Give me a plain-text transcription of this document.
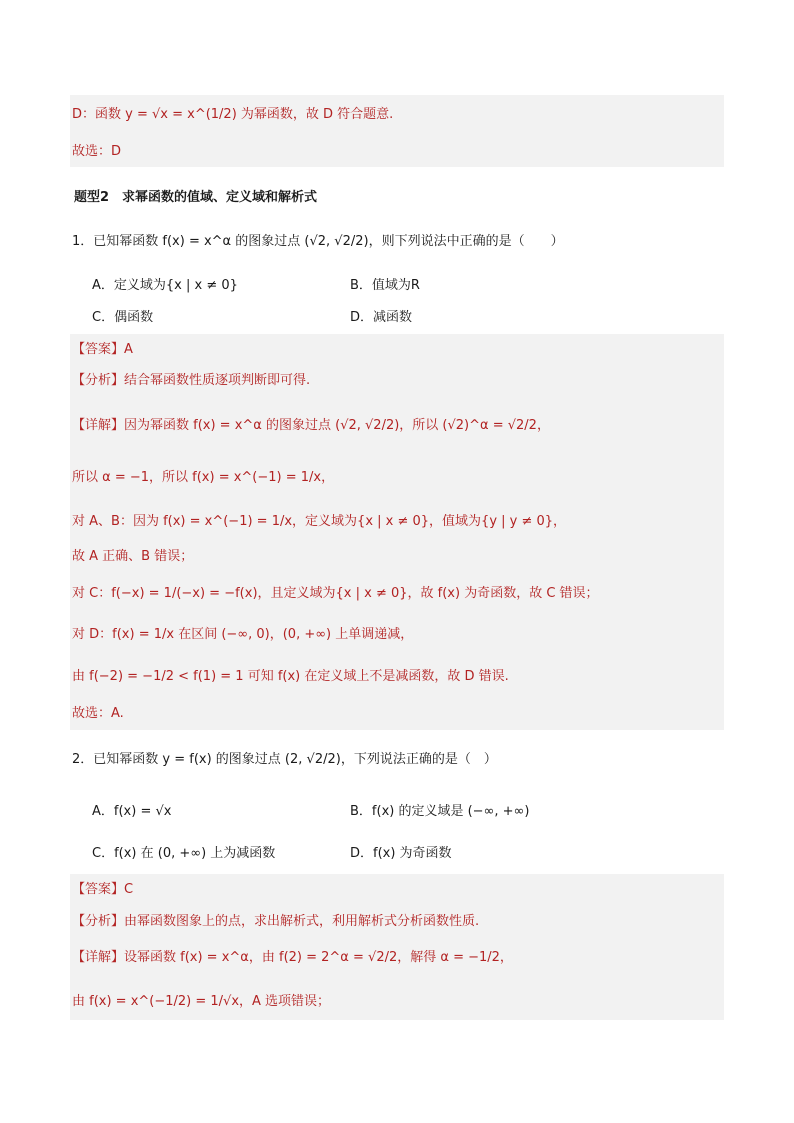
D：函数 y = √x = x^(1/2) 为幂函数，故 D 符合题意.
故选：D
题型2　求幂函数的值域、定义域和解析式
1．已知幂函数 f(x) = x^α 的图象过点 (√2, √2/2)，则下列说法中正确的是（　　）
A．定义域为{x | x ≠ 0}	B．值域为R
C．偶函数	D．减函数
【答案】A
【分析】结合幂函数性质逐项判断即可得.
【详解】因为幂函数 f(x) = x^α 的图象过点 (√2, √2/2)，所以 (√2)^α = √2/2，
所以 α = −1，所以 f(x) = x^(−1) = 1/x，
对 A、B：因为 f(x) = x^(−1) = 1/x，定义域为{x | x ≠ 0}，值域为{y | y ≠ 0}，
故 A 正确、B 错误；
对 C：f(−x) = 1/(−x) = −f(x)，且定义域为{x | x ≠ 0}，故 f(x) 为奇函数，故 C 错误；
对 D：f(x) = 1/x 在区间 (−∞, 0)，(0, +∞) 上单调递减，
由 f(−2) = −1/2 < f(1) = 1 可知 f(x) 在定义域上不是减函数，故 D 错误.
故选：A.
2．已知幂函数 y = f(x) 的图象过点 (2, √2/2)，下列说法正确的是（　）
A．f(x) = √x	B．f(x) 的定义域是 (−∞, +∞)
C．f(x) 在 (0, +∞) 上为减函数	D．f(x) 为奇函数
【答案】C
【分析】由幂函数图象上的点，求出解析式，利用解析式分析函数性质.
【详解】设幂函数 f(x) = x^α，由 f(2) = 2^α = √2/2，解得 α = −1/2，
由 f(x) = x^(−1/2) = 1/√x，A 选项错误；
